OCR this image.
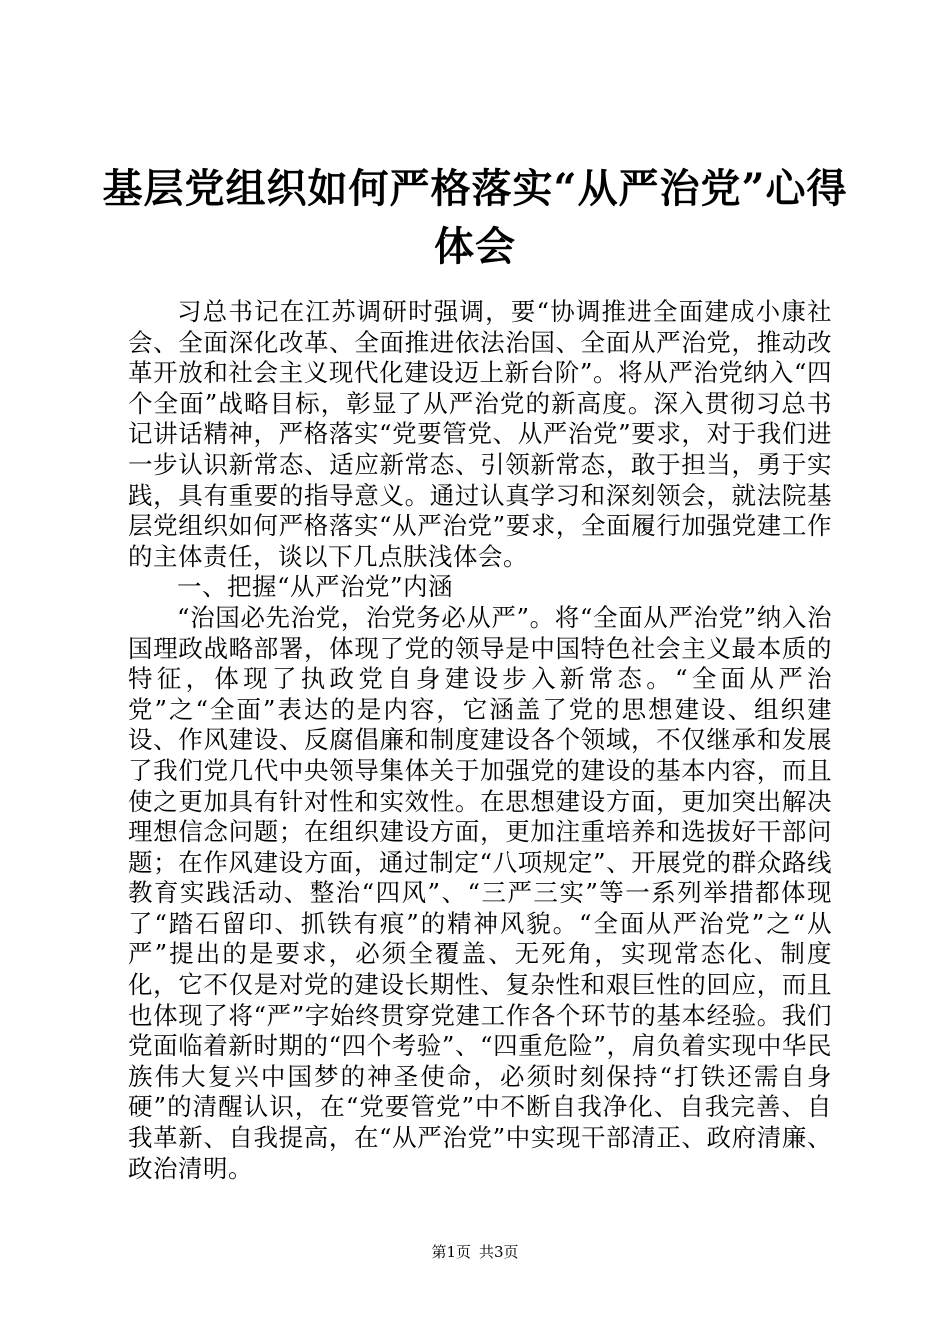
基层党组织如何严格落实“从严治党”心得体会

习总书记在江苏调研时强调，要“协调推进全面建成小康社会、全面深化改革、全面推进依法治国、全面从严治党，推动改革开放和社会主义现代化建设迈上新台阶”。将从严治党纳入“四个全面”战略目标，彰显了从严治党的新高度。深入贯彻习总书记讲话精神，严格落实“党要管党、从严治党”要求，对于我们进一步认识新常态、适应新常态、引领新常态，敢于担当，勇于实践，具有重要的指导意义。通过认真学习和深刻领会，就法院基层党组织如何严格落实“从严治党”要求，全面履行加强党建工作的主体责任，谈以下几点肤浅体会。

一、把握“从严治党”内涵

“治国必先治党，治党务必从严”。将“全面从严治党”纳入治国理政战略部署，体现了党的领导是中国特色社会主义最本质的特征，体现了执政党自身建设步入新常态。“全面从严治党”之“全面”表达的是内容，它涵盖了党的思想建设、组织建设、作风建设、反腐倡廉和制度建设各个领域，不仅继承和发展了我们党几代中央领导集体关于加强党的建设的基本内容，而且使之更加具有针对性和实效性。在思想建设方面，更加突出解决理想信念问题；在组织建设方面，更加注重培养和选拔好干部问题；在作风建设方面，通过制定“八项规定”、开展党的群众路线教育实践活动、整治“四风”、“三严三实”等一系列举措都体现了“踏石留印、抓铁有痕”的精神风貌。“全面从严治党”之“从严”提出的是要求，必须全覆盖、无死角，实现常态化、制度化，它不仅是对党的建设长期性、复杂性和艰巨性的回应，而且也体现了将“严”字始终贯穿党建工作各个环节的基本经验。我们党面临着新时期的“四个考验”、“四重危险”，肩负着实现中华民族伟大复兴中国梦的神圣使命，必须时刻保持“打铁还需自身硬”的清醒认识，在“党要管党”中不断自我净化、自我完善、自我革新、自我提高，在“从严治党”中实现干部清正、政府清廉、政治清明。

第1页 共3页
